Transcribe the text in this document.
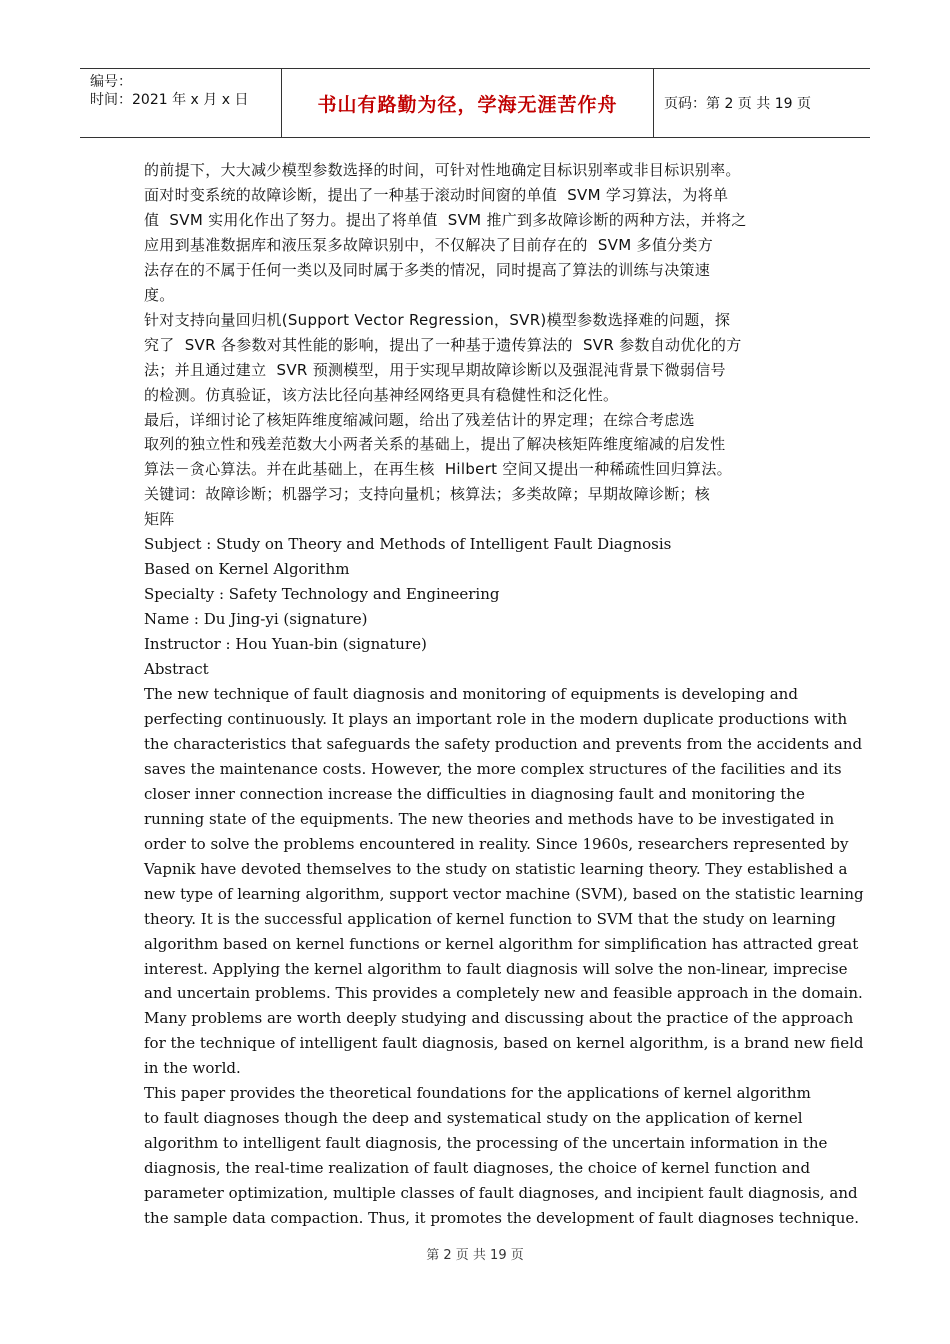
编号：
时间：2021 年 x 月 x 日	书山有路勤为径，学海无涯苦作舟	页码：第 2 页 共 19 页
的前提下，大大减少模型参数选择的时间，可针对性地确定目标识别率或非目标识别率。
面对时变系统的故障诊断，提出了一种基于滚动时间窗的单值  SVM 学习算法，为将单
值  SVM 实用化作出了努力。提出了将单值  SVM 推广到多故障诊断的两种方法，并将之
应用到基准数据库和液压泵多故障识别中，不仅解决了目前存在的  SVM 多值分类方
法存在的不属于任何一类以及同时属于多类的情况，同时提高了算法的训练与决策速
度。
针对支持向量回归机(Support Vector Regression，SVR)模型参数选择难的问题，探
究了  SVR 各参数对其性能的影响，提出了一种基于遗传算法的  SVR 参数自动优化的方
法；并且通过建立  SVR 预测模型，用于实现早期故障诊断以及强混沌背景下微弱信号
的检测。仿真验证，该方法比径向基神经网络更具有稳健性和泛化性。
最后，详细讨论了核矩阵维度缩减问题，给出了残差估计的界定理；在综合考虑选
取列的独立性和残差范数大小两者关系的基础上，提出了解决核矩阵维度缩减的启发性
算法－贪心算法。并在此基础上，在再生核  Hilbert 空间又提出一种稀疏性回归算法。
关键词：故障诊断；机器学习；支持向量机；核算法；多类故障；早期故障诊断；核
矩阵
Subject : Study on Theory and Methods of Intelligent Fault Diagnosis
Based on Kernel Algorithm
Specialty : Safety Technology and Engineering
Name : Du Jing-yi (signature)
Instructor : Hou Yuan-bin (signature)
Abstract
The new technique of fault diagnosis and monitoring of equipments is developing and
perfecting continuously. It plays an important role in the modern duplicate productions with
the characteristics that safeguards the safety production and prevents from the accidents and
saves the maintenance costs. However, the more complex structures of the facilities and its
closer inner connection increase the difficulties in diagnosing fault and monitoring the
running state of the equipments. The new theories and methods have to be investigated in
order to solve the problems encountered in reality. Since 1960s, researchers represented by
Vapnik have devoted themselves to the study on statistic learning theory. They established a
new type of learning algorithm, support vector machine (SVM), based on the statistic learning
theory. It is the successful application of kernel function to SVM that the study on learning
algorithm based on kernel functions or kernel algorithm for simplification has attracted great
interest. Applying the kernel algorithm to fault diagnosis will solve the non-linear, imprecise
and uncertain problems. This provides a completely new and feasible approach in the domain.
Many problems are worth deeply studying and discussing about the practice of the approach
for the technique of intelligent fault diagnosis, based on kernel algorithm, is a brand new field
in the world.
This paper provides the theoretical foundations for the applications of kernel algorithm
to fault diagnoses though the deep and systematical study on the application of kernel
algorithm to intelligent fault diagnosis, the processing of the uncertain information in the
diagnosis, the real-time realization of fault diagnoses, the choice of kernel function and
parameter optimization, multiple classes of fault diagnoses, and incipient fault diagnosis, and
the sample data compaction. Thus, it promotes the development of fault diagnoses technique.
第 2 页 共 19 页
